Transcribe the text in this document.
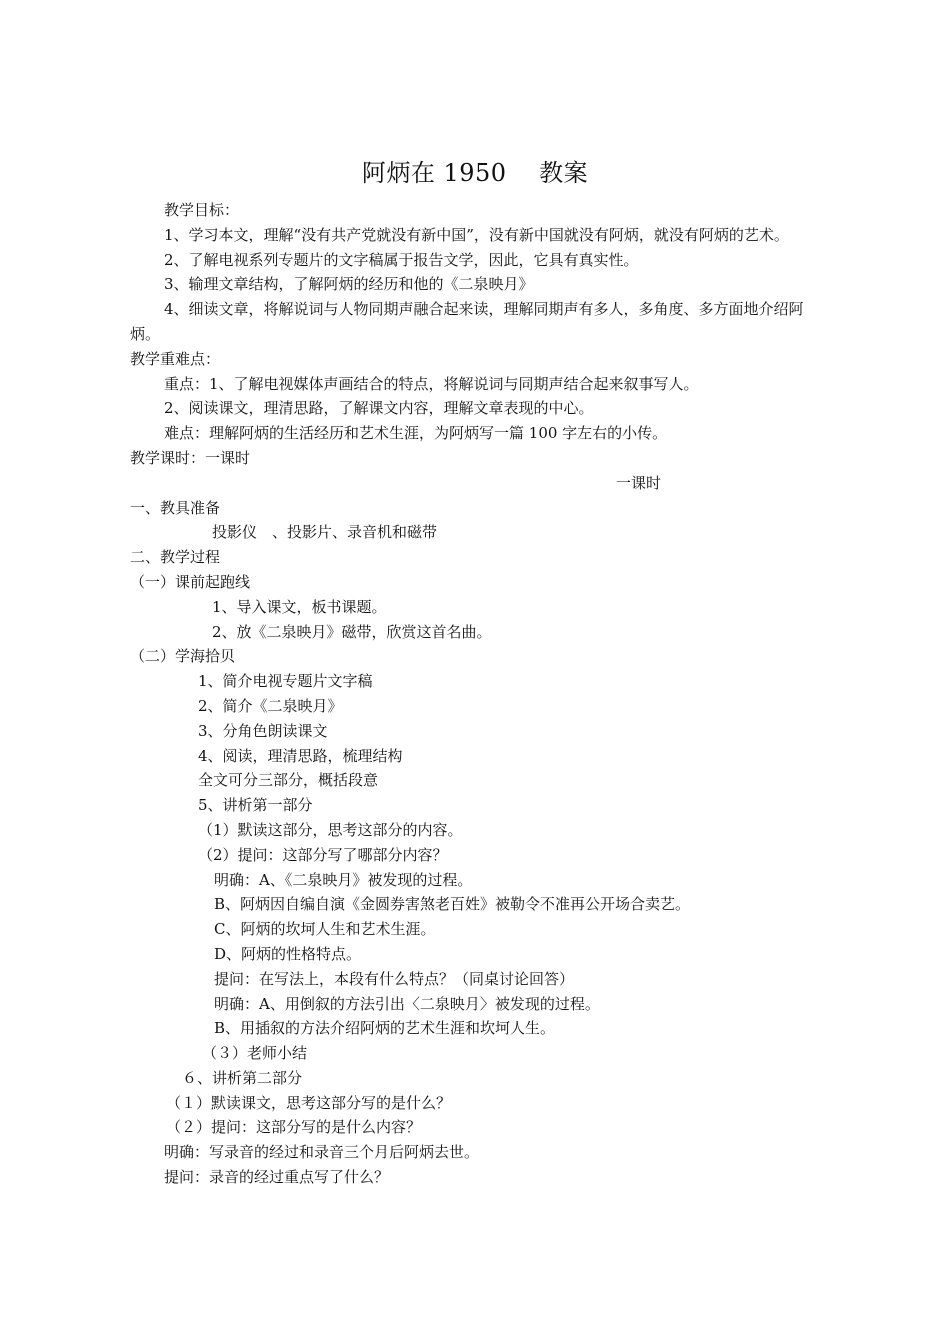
阿炳在 1950　 教案

教学目标：

1、学习本文，理解“没有共产党就没有新中国”，没有新中国就没有阿炳，就没有阿炳的艺术。

2、了解电视系列专题片的文字稿属于报告文学，因此，它具有真实性。

3、输理文章结构，了解阿炳的经历和他的《二泉映月》

4、细读文章，将解说词与人物同期声融合起来读，理解同期声有多人，多角度、多方面地介绍阿炳。

教学重难点：

重点：1、了解电视媒体声画结合的特点，将解说词与同期声结合起来叙事写人。

2、阅读课文，理清思路，了解课文内容，理解文章表现的中心。

难点：理解阿炳的生活经历和艺术生涯，为阿炳写一篇 100 字左右的小传。

教学课时：一课时

一课时

一、教具准备

投影仪　、投影片、录音机和磁带

二、教学过程

（一）课前起跑线

1、导入课文，板书课题。

2、放《二泉映月》磁带，欣赏这首名曲。

（二）学海拾贝

1、简介电视专题片文字稿

2、简介《二泉映月》

3、分角色朗读课文

4、阅读，理清思路，梳理结构

全文可分三部分，概括段意

5、讲析第一部分

（1）默读这部分，思考这部分的内容。

（2）提问：这部分写了哪部分内容？

明确：A、《二泉映月》被发现的过程。

B、阿炳因自编自演《金圆券害煞老百姓》被勒令不准再公开场合卖艺。

C、阿炳的坎坷人生和艺术生涯。

D、阿炳的性格特点。

提问：在写法上，本段有什么特点？（同桌讨论回答）

明确：A、用倒叙的方法引出〈二泉映月〉被发现的过程。

B、用插叙的方法介绍阿炳的艺术生涯和坎坷人生。

（３）老师小结

６、讲析第二部分

（１）默读课文，思考这部分写的是什么？

（２）提问：这部分写的是什么内容？

明确：写录音的经过和录音三个月后阿炳去世。

提问：录音的经过重点写了什么？
